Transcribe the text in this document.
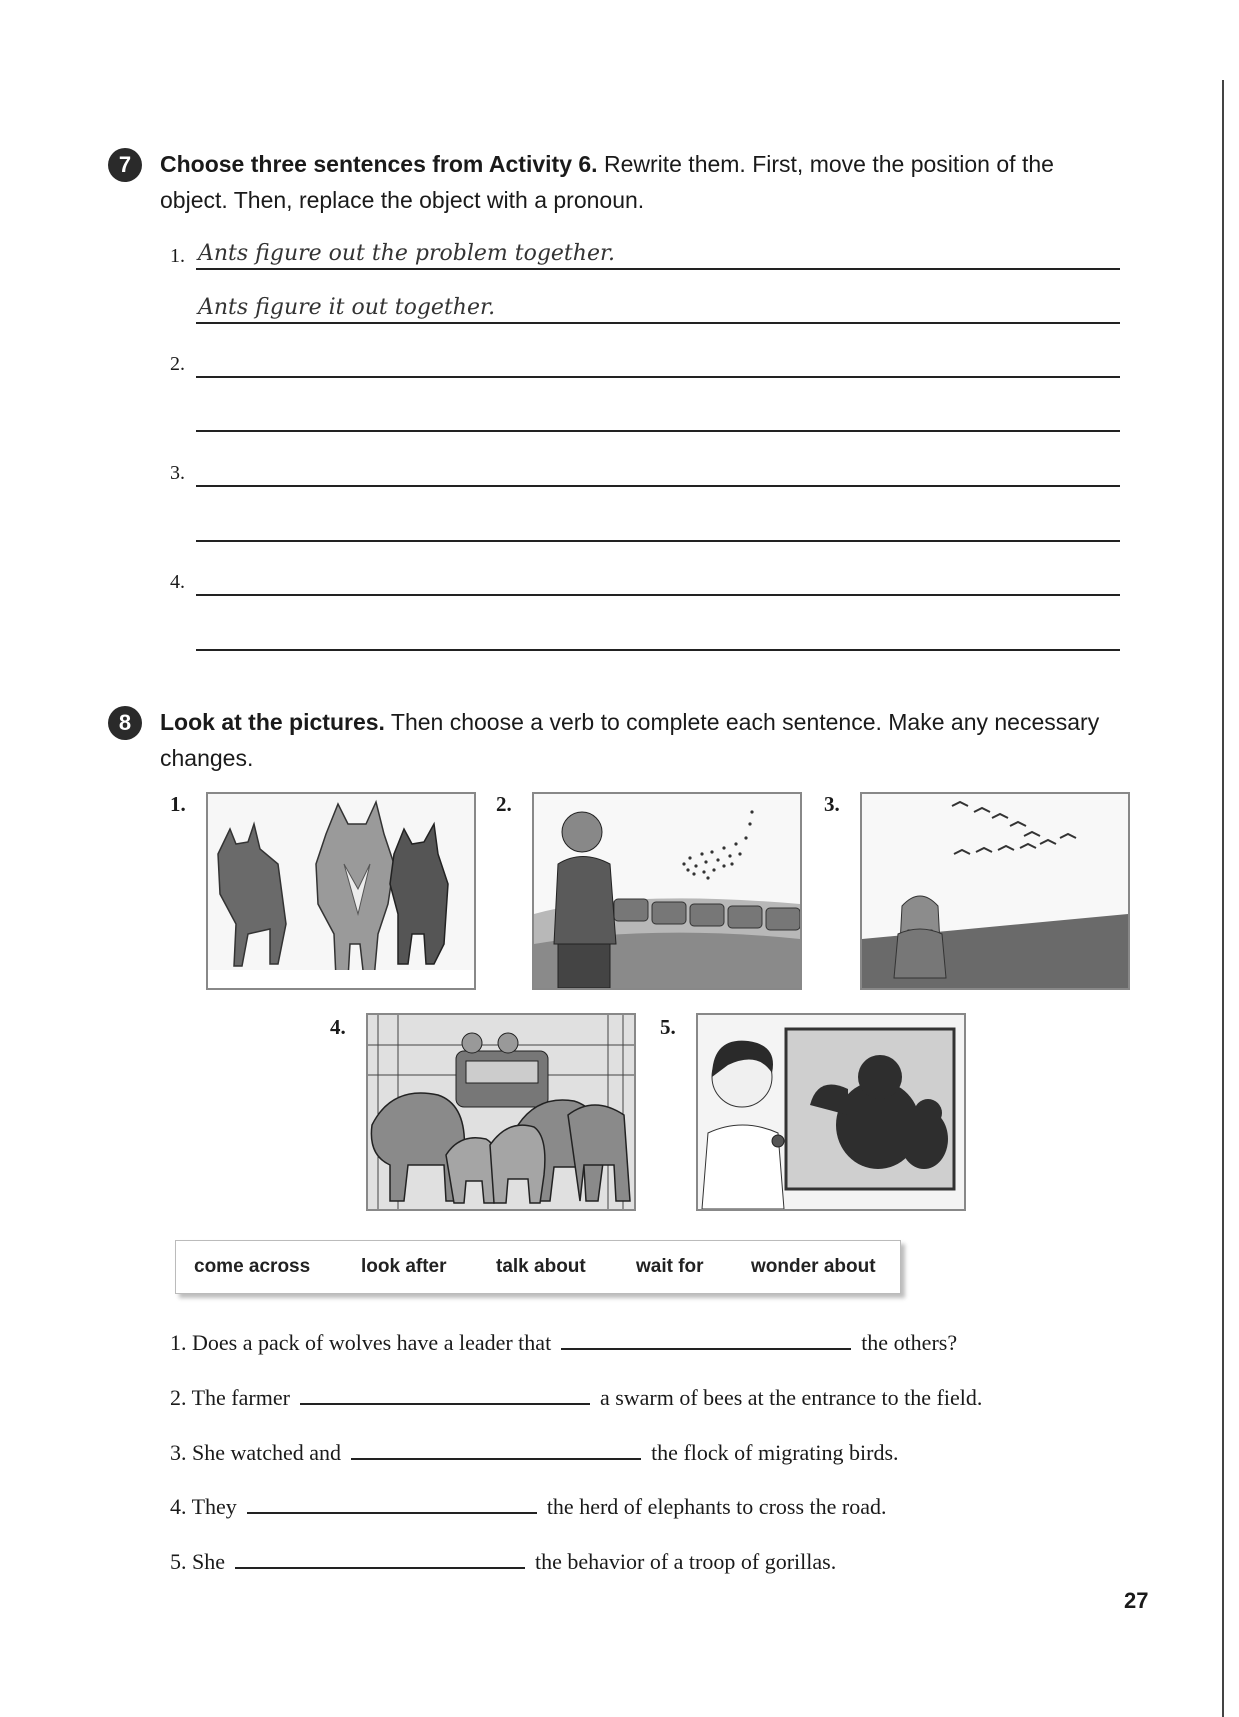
7 Choose three sentences from Activity 6. Rewrite them. First, move the position of the object. Then, replace the object with a pronoun.
1. Ants figure out the problem together.
Ants figure it out together.
2.
3.
4.
8 Look at the pictures. Then choose a verb to complete each sentence. Make any necessary changes.
1.	2.	3.
4.	5.
come across	look after	talk about	wait for wonder about
1. Does a pack of wolves have a leader that	the others?
2. The farmer	a swarm of bees at the entrance to the field.
3. She watched and	the flock of migrating birds.
4. They	the herd of elephants to cross the road.
5. She	the behavior of a troop of gorillas.
27
